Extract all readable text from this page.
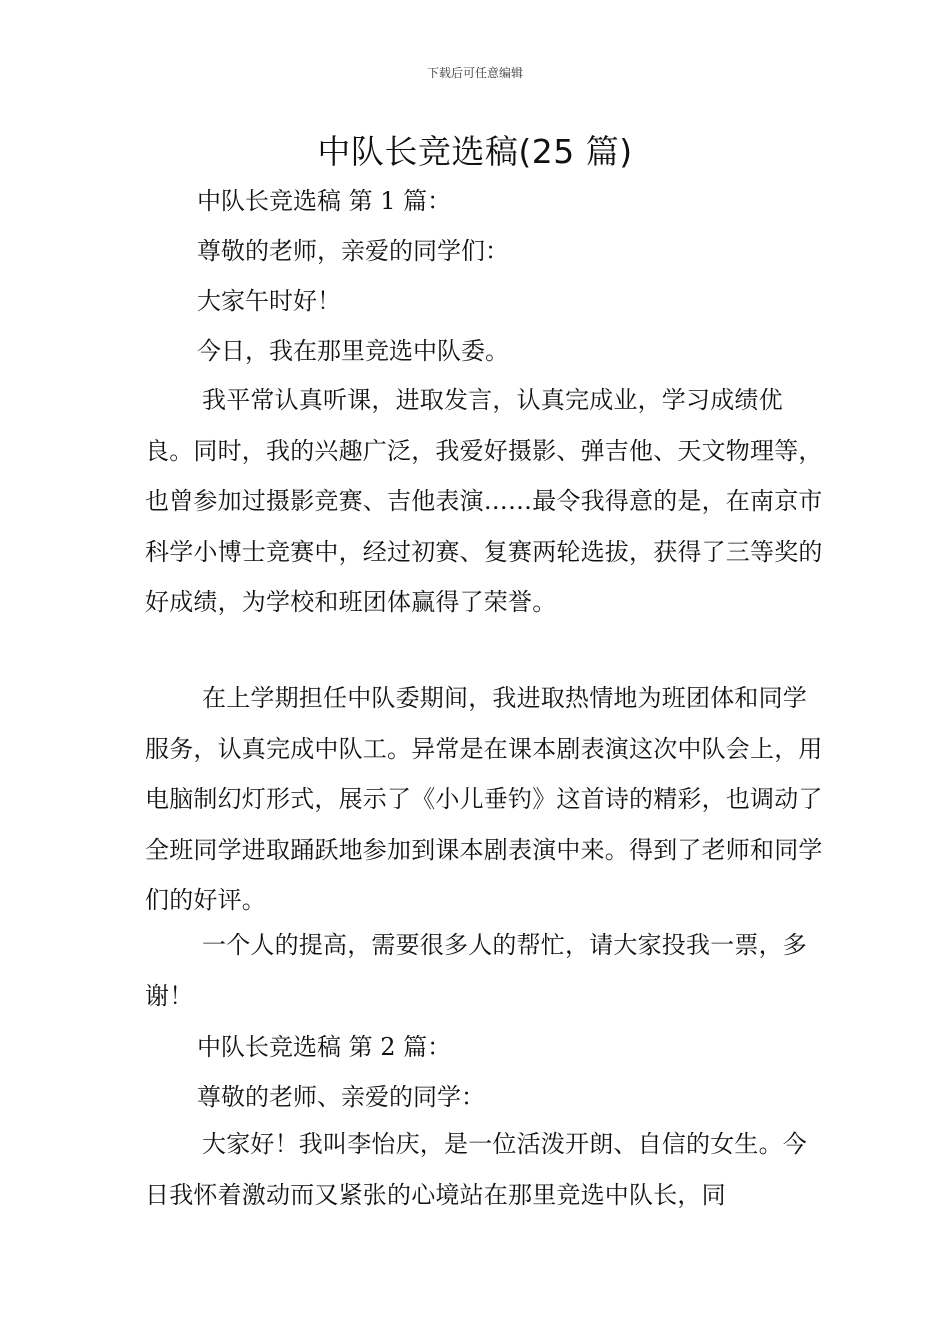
下载后可任意编辑
中队长竞选稿(25 篇)
中队长竞选稿 第 1 篇：
尊敬的老师，亲爱的同学们：
大家午时好！
今日，我在那里竞选中队委。
我平常认真听课，进取发言，认真完成业，学习成绩优良。同时，我的兴趣广泛，我爱好摄影、弹吉他、天文物理等，也曾参加过摄影竞赛、吉他表演……最令我得意的是，在南京市科学小博士竞赛中，经过初赛、复赛两轮选拔，获得了三等奖的好成绩，为学校和班团体赢得了荣誉。
在上学期担任中队委期间，我进取热情地为班团体和同学服务，认真完成中队工。异常是在课本剧表演这次中队会上，用电脑制幻灯形式，展示了《小儿垂钓》这首诗的精彩，也调动了全班同学进取踊跃地参加到课本剧表演中来。得到了老师和同学们的好评。
一个人的提高，需要很多人的帮忙，请大家投我一票，多谢！
中队长竞选稿 第 2 篇：
尊敬的老师、亲爱的同学：
大家好！我叫李怡庆，是一位活泼开朗、自信的女生。今日我怀着激动而又紧张的心境站在那里竞选中队长，同
